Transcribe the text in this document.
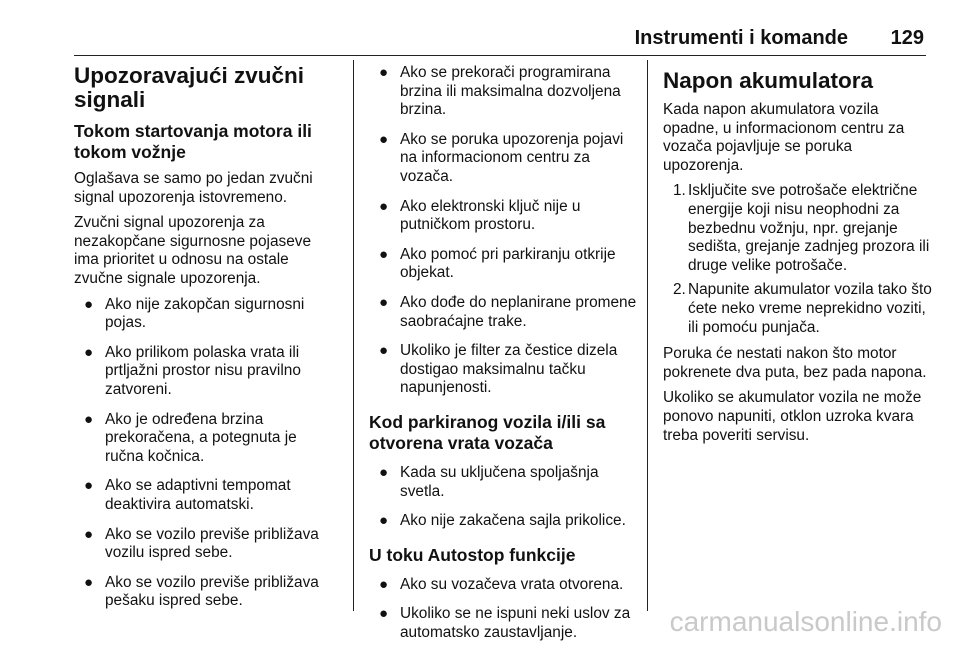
Instrumenti i komande 129
Upozoravajući zvučni signali
Tokom startovanja motora ili tokom vožnje
Oglašava se samo po jedan zvučni signal upozorenja istovremeno.
Zvučni signal upozorenja za nezakopčane sigurnosne pojaseve ima prioritet u odnosu na ostale zvučne signale upozorenja.
● Ako nije zakopčan sigurnosni pojas.
● Ako prilikom polaska vrata ili prtljažni prostor nisu pravilno zatvoreni.
● Ako je određena brzina prekoračena, a potegnuta je ručna kočnica.
● Ako se adaptivni tempomat deaktivira automatski.
● Ako se vozilo previše približava vozilu ispred sebe.
● Ako se vozilo previše približava pešaku ispred sebe.
● Ako se prekorači programirana brzina ili maksimalna dozvoljena brzina.
● Ako se poruka upozorenja pojavi na informacionom centru za vozača.
● Ako elektronski ključ nije u putničkom prostoru.
● Ako pomoć pri parkiranju otkrije objekat.
● Ako dođe do neplanirane promene saobraćajne trake.
● Ukoliko je filter za čestice dizela dostigao maksimalnu tačku napunjenosti.
Kod parkiranog vozila i/ili sa otvorena vrata vozača
● Kada su uključena spoljašnja svetla.
● Ako nije zakačena sajla prikolice.
U toku Autostop funkcije
● Ako su vozačeva vrata otvorena.
● Ukoliko se ne ispuni neki uslov za automatsko zaustavljanje.
Napon akumulatora
Kada napon akumulatora vozila opadne, u informacionom centru za vozača pojavljuje se poruka upozorenja.
1. Isključite sve potrošače električne energije koji nisu neophodni za bezbednu vožnju, npr. grejanje sedišta, grejanje zadnjeg prozora ili druge velike potrošače.
2. Napunite akumulator vozila tako što ćete neko vreme neprekidno voziti, ili pomoću punjača.
Poruka će nestati nakon što motor pokrenete dva puta, bez pada napona.
Ukoliko se akumulator vozila ne može ponovo napuniti, otklon uzroka kvara treba poveriti servisu.
carmanualsonline.info
